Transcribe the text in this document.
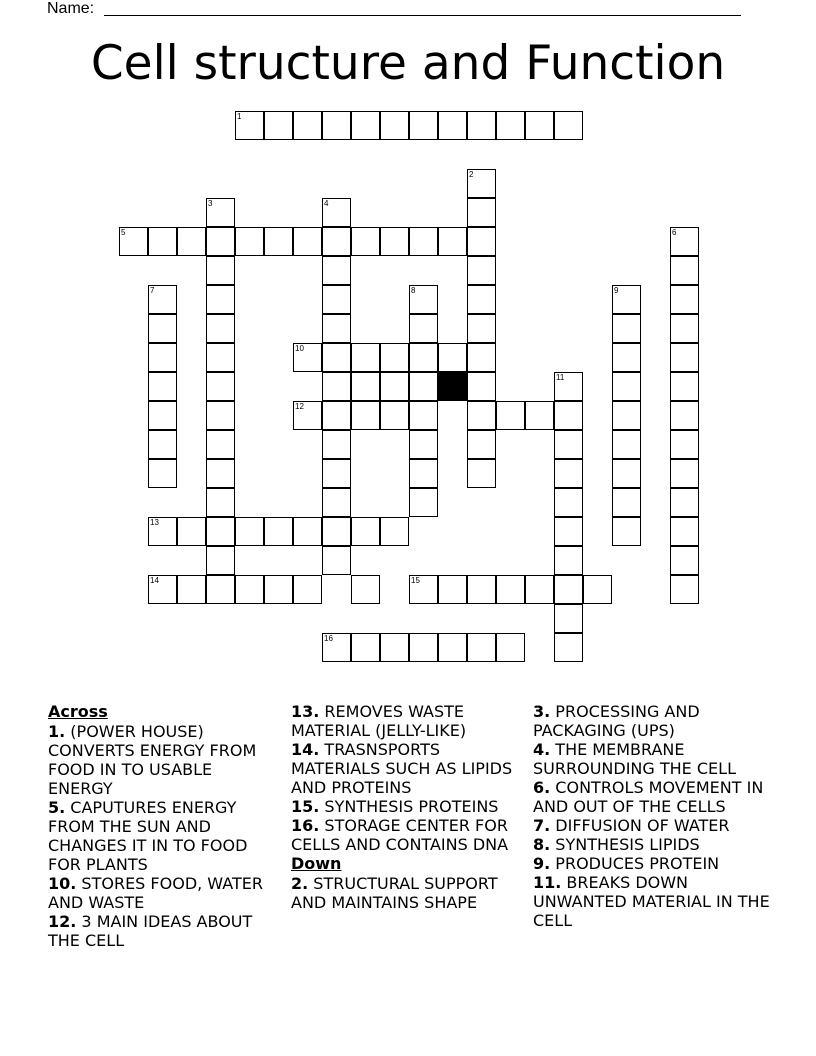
Name:
Cell structure and Function
1
2
3	4
5	6
7	8	9
10
11
12
13
14	15
16
Across
1. (POWER HOUSE) CONVERTS ENERGY FROM FOOD IN TO USABLE ENERGY
5. CAPUTURES ENERGY FROM THE SUN AND CHANGES IT IN TO FOOD FOR PLANTS
10. STORES FOOD, WATER AND WASTE
12. 3 MAIN IDEAS ABOUT THE CELL
13. REMOVES WASTE MATERIAL (JELLY-LIKE)
14. TRASNSPORTS MATERIALS SUCH AS LIPIDS AND PROTEINS
15. SYNTHESIS PROTEINS
16. STORAGE CENTER FOR CELLS AND CONTAINS DNA
Down
2. STRUCTURAL SUPPORT AND MAINTAINS SHAPE
3. PROCESSING AND PACKAGING (UPS)
4. THE MEMBRANE SURROUNDING THE CELL
6. CONTROLS MOVEMENT IN AND OUT OF THE CELLS
7. DIFFUSION OF WATER
8. SYNTHESIS LIPIDS
9. PRODUCES PROTEIN
11. BREAKS DOWN UNWANTED MATERIAL IN THE CELL
